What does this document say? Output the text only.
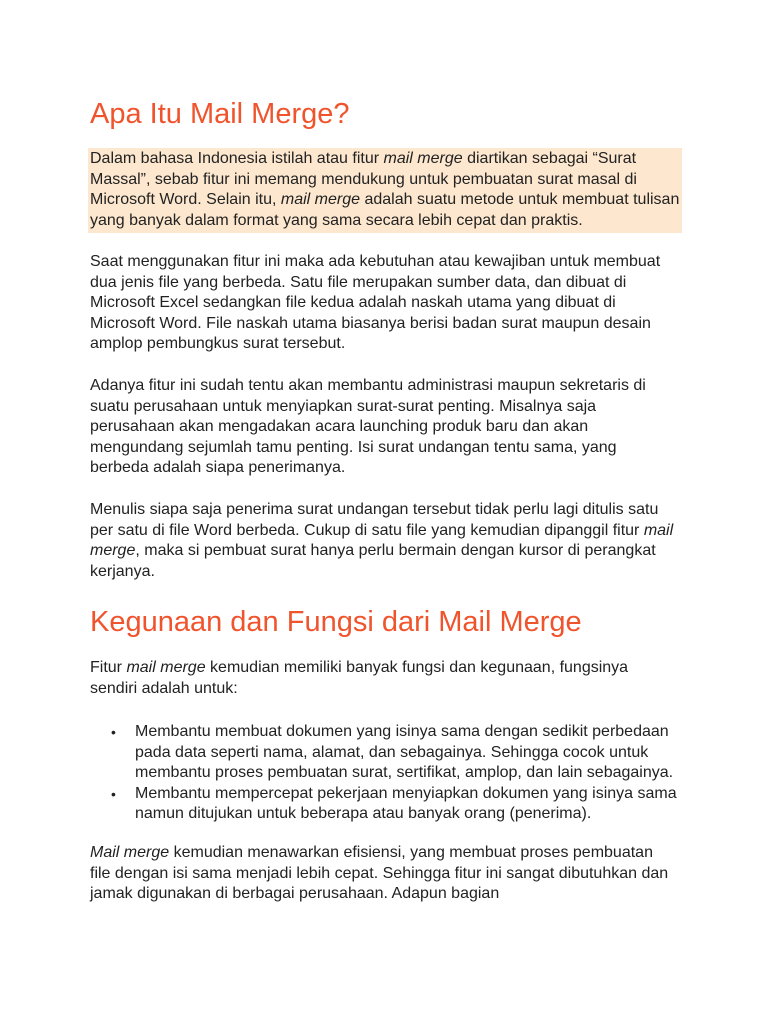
Apa Itu Mail Merge?

Dalam bahasa Indonesia istilah atau fitur mail merge diartikan sebagai “Surat Massal”, sebab fitur ini memang mendukung untuk pembuatan surat masal di Microsoft Word. Selain itu, mail merge adalah suatu metode untuk membuat tulisan yang banyak dalam format yang sama secara lebih cepat dan praktis.

Saat menggunakan fitur ini maka ada kebutuhan atau kewajiban untuk membuat dua jenis file yang berbeda. Satu file merupakan sumber data, dan dibuat di Microsoft Excel sedangkan file kedua adalah naskah utama yang dibuat di Microsoft Word. File naskah utama biasanya berisi badan surat maupun desain amplop pembungkus surat tersebut.

Adanya fitur ini sudah tentu akan membantu administrasi maupun sekretaris di suatu perusahaan untuk menyiapkan surat-surat penting. Misalnya saja perusahaan akan mengadakan acara launching produk baru dan akan mengundang sejumlah tamu penting. Isi surat undangan tentu sama, yang berbeda adalah siapa penerimanya.

Menulis siapa saja penerima surat undangan tersebut tidak perlu lagi ditulis satu per satu di file Word berbeda. Cukup di satu file yang kemudian dipanggil fitur mail merge, maka si pembuat surat hanya perlu bermain dengan kursor di perangkat kerjanya.

Kegunaan dan Fungsi dari Mail Merge

Fitur mail merge kemudian memiliki banyak fungsi dan kegunaan, fungsinya sendiri adalah untuk:

• Membantu membuat dokumen yang isinya sama dengan sedikit perbedaan pada data seperti nama, alamat, dan sebagainya. Sehingga cocok untuk membantu proses pembuatan surat, sertifikat, amplop, dan lain sebagainya.
• Membantu mempercepat pekerjaan menyiapkan dokumen yang isinya sama namun ditujukan untuk beberapa atau banyak orang (penerima).

Mail merge kemudian menawarkan efisiensi, yang membuat proses pembuatan file dengan isi sama menjadi lebih cepat. Sehingga fitur ini sangat dibutuhkan dan jamak digunakan di berbagai perusahaan. Adapun bagian
